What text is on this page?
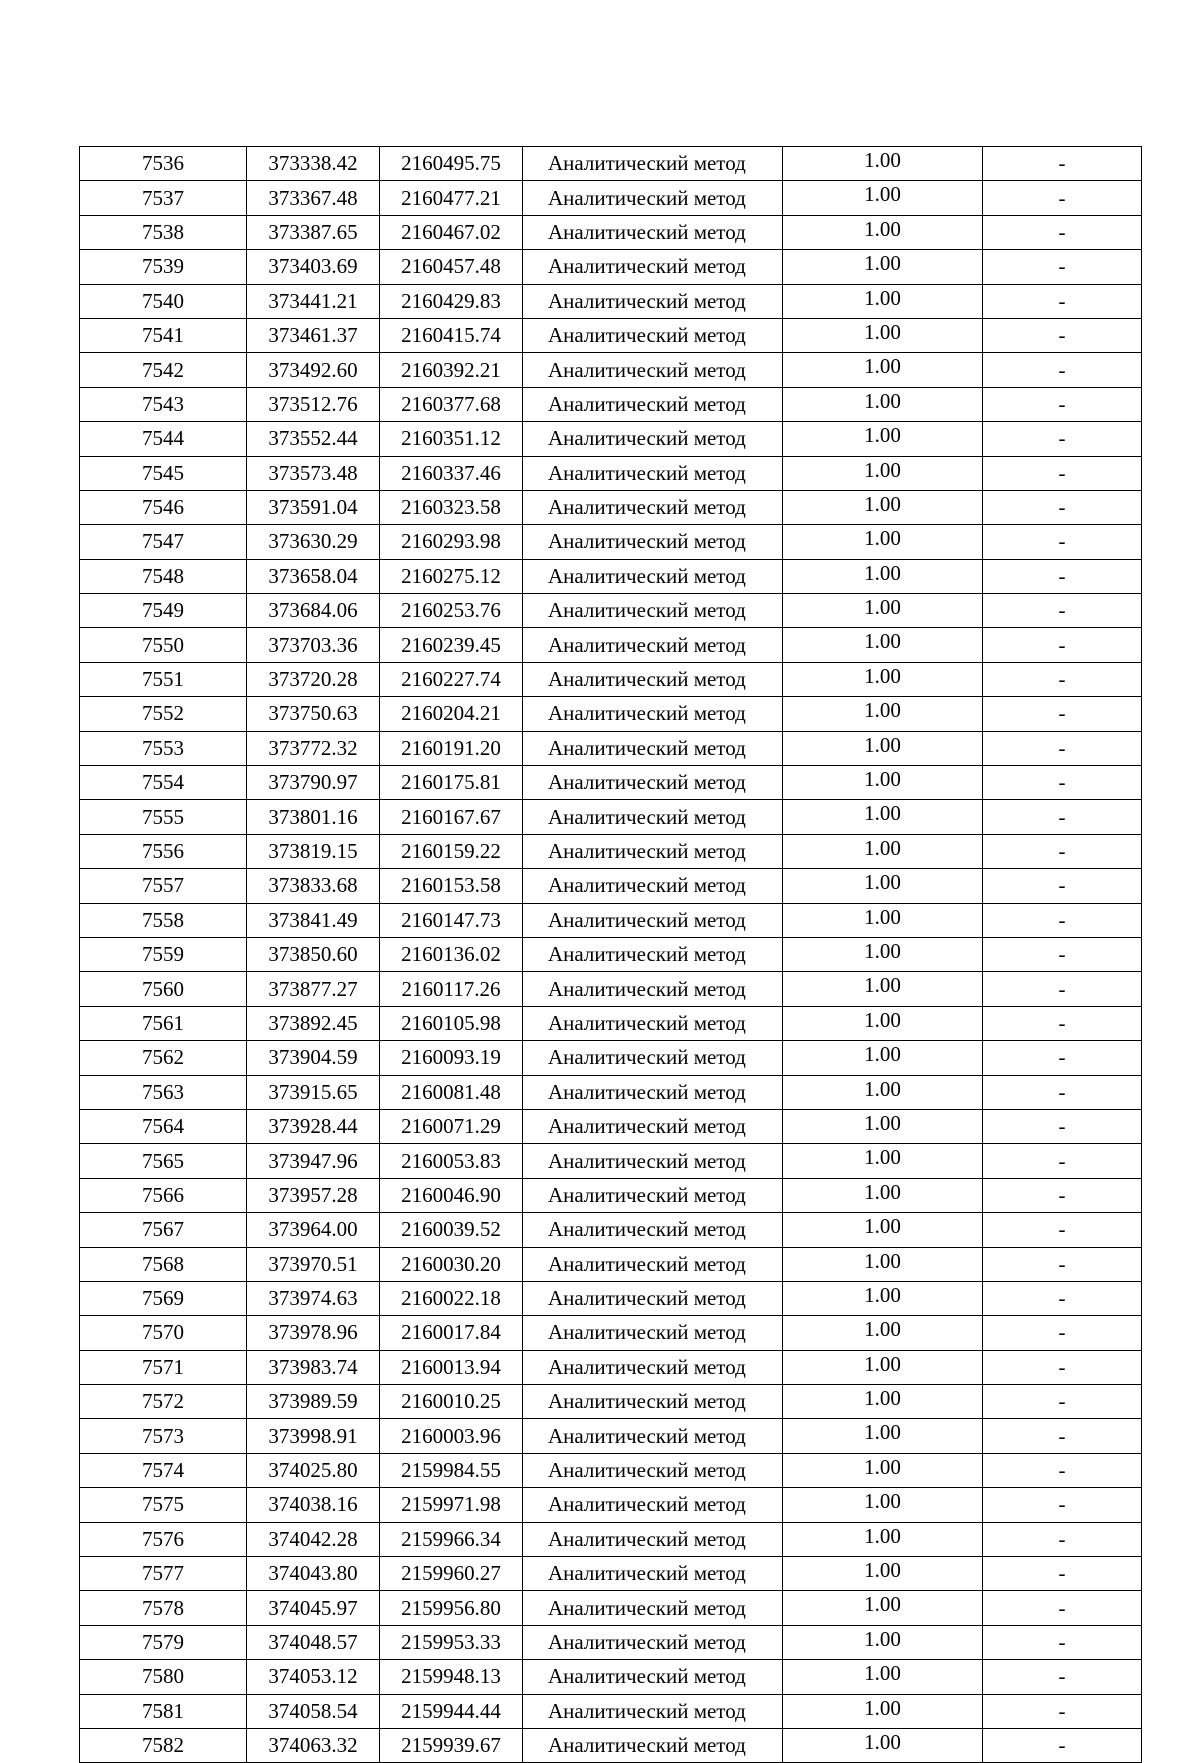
7536	373338.42	2160495.75	Аналитический метод	1.00	-
7537	373367.48	2160477.21	Аналитический метод	1.00	-
7538	373387.65	2160467.02	Аналитический метод	1.00	-
7539	373403.69	2160457.48	Аналитический метод	1.00	-
7540	373441.21	2160429.83	Аналитический метод	1.00	-
7541	373461.37	2160415.74	Аналитический метод	1.00	-
7542	373492.60	2160392.21	Аналитический метод	1.00	-
7543	373512.76	2160377.68	Аналитический метод	1.00	-
7544	373552.44	2160351.12	Аналитический метод	1.00	-
7545	373573.48	2160337.46	Аналитический метод	1.00	-
7546	373591.04	2160323.58	Аналитический метод	1.00	-
7547	373630.29	2160293.98	Аналитический метод	1.00	-
7548	373658.04	2160275.12	Аналитический метод	1.00	-
7549	373684.06	2160253.76	Аналитический метод	1.00	-
7550	373703.36	2160239.45	Аналитический метод	1.00	-
7551	373720.28	2160227.74	Аналитический метод	1.00	-
7552	373750.63	2160204.21	Аналитический метод	1.00	-
7553	373772.32	2160191.20	Аналитический метод	1.00	-
7554	373790.97	2160175.81	Аналитический метод	1.00	-
7555	373801.16	2160167.67	Аналитический метод	1.00	-
7556	373819.15	2160159.22	Аналитический метод	1.00	-
7557	373833.68	2160153.58	Аналитический метод	1.00	-
7558	373841.49	2160147.73	Аналитический метод	1.00	-
7559	373850.60	2160136.02	Аналитический метод	1.00	-
7560	373877.27	2160117.26	Аналитический метод	1.00	-
7561	373892.45	2160105.98	Аналитический метод	1.00	-
7562	373904.59	2160093.19	Аналитический метод	1.00	-
7563	373915.65	2160081.48	Аналитический метод	1.00	-
7564	373928.44	2160071.29	Аналитический метод	1.00	-
7565	373947.96	2160053.83	Аналитический метод	1.00	-
7566	373957.28	2160046.90	Аналитический метод	1.00	-
7567	373964.00	2160039.52	Аналитический метод	1.00	-
7568	373970.51	2160030.20	Аналитический метод	1.00	-
7569	373974.63	2160022.18	Аналитический метод	1.00	-
7570	373978.96	2160017.84	Аналитический метод	1.00	-
7571	373983.74	2160013.94	Аналитический метод	1.00	-
7572	373989.59	2160010.25	Аналитический метод	1.00	-
7573	373998.91	2160003.96	Аналитический метод	1.00	-
7574	374025.80	2159984.55	Аналитический метод	1.00	-
7575	374038.16	2159971.98	Аналитический метод	1.00	-
7576	374042.28	2159966.34	Аналитический метод	1.00	-
7577	374043.80	2159960.27	Аналитический метод	1.00	-
7578	374045.97	2159956.80	Аналитический метод	1.00	-
7579	374048.57	2159953.33	Аналитический метод	1.00	-
7580	374053.12	2159948.13	Аналитический метод	1.00	-
7581	374058.54	2159944.44	Аналитический метод	1.00	-
7582	374063.32	2159939.67	Аналитический метод	1.00	-
